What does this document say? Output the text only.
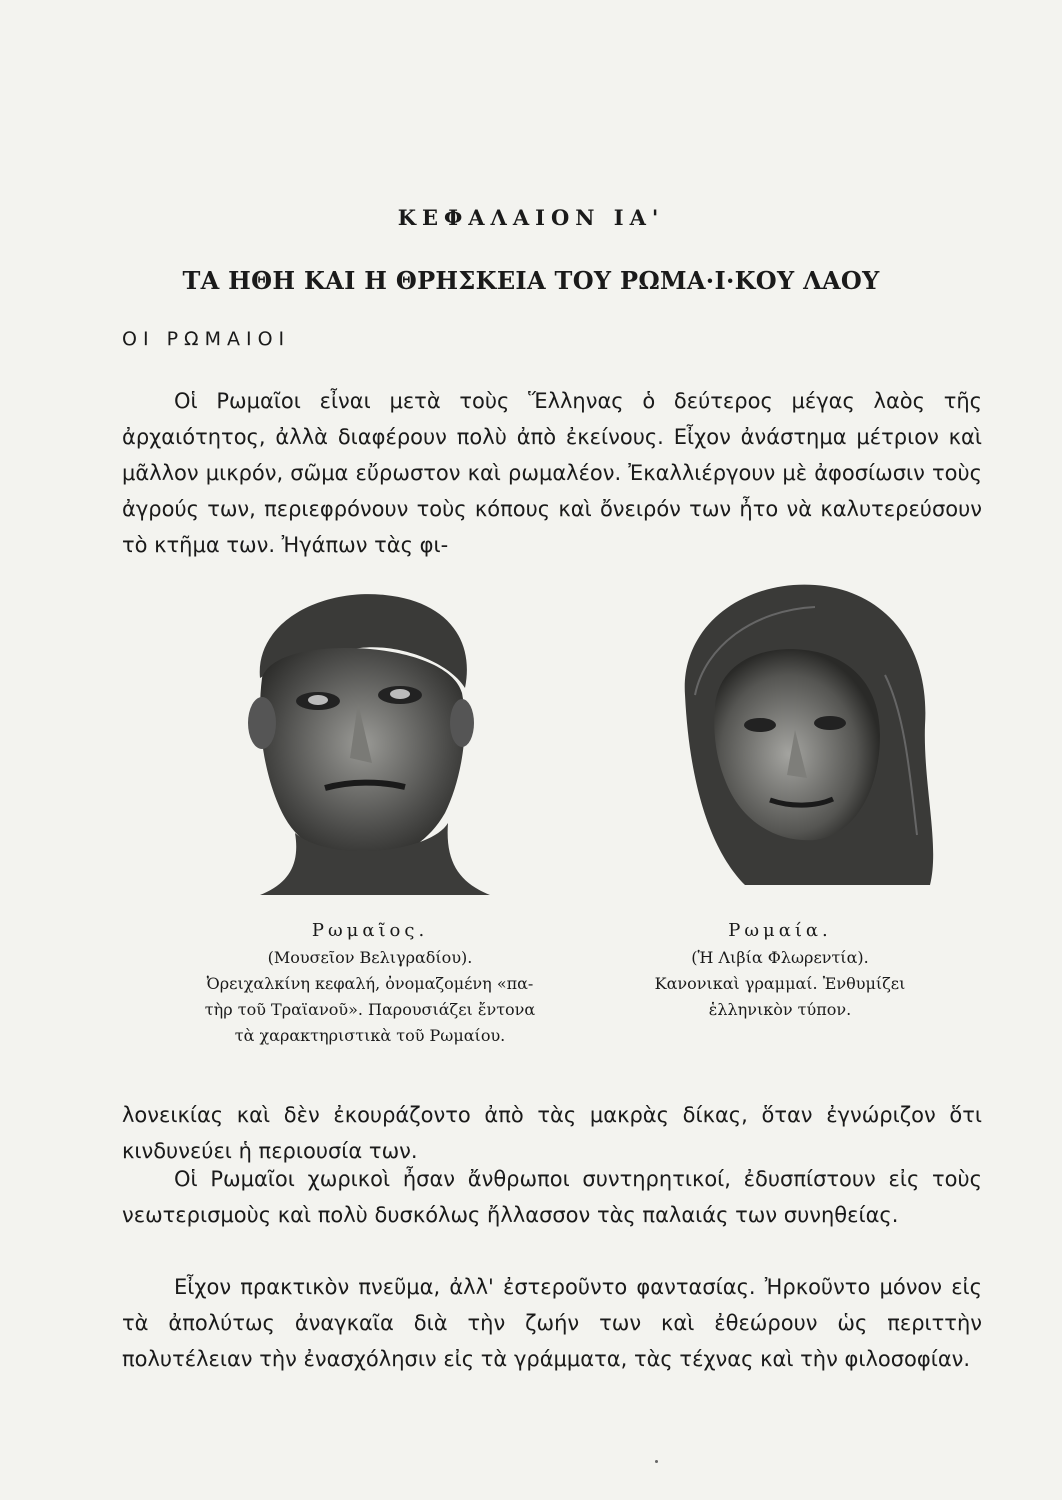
ΚΕΦΑΛΑΙΟΝ ΙΑ'
ΤΑ ΗΘΗ ΚΑΙ Η ΘΡΗΣΚΕΙΑ ΤΟΥ ΡΩΜΑ·Ι·ΚΟΥ ΛΑΟΥ
ΟΙ ΡΩΜΑΙΟΙ

Οἱ Ρωμαῖοι εἶναι μετὰ τοὺς Ἕλληνας ὁ δεύτερος μέγας λαὸς τῆς ἀρχαιότητος, ἀλλὰ διαφέρουν πολὺ ἀπὸ ἐκείνους. Εἶχον ἀνάστημα μέτριον καὶ μᾶλλον μικρόν, σῶμα εὔρωστον καὶ ρωμαλέον. Ἐκαλλιέργουν μὲ ἀφοσίωσιν τοὺς ἀγρούς των, περιεφρόνουν τοὺς κόπους καὶ ὄνειρόν των ἦτο νὰ καλυτερεύσουν τὸ κτῆμα των. Ἠγάπων τὰς φι-

Ρωμαῖος.
(Μουσεῖον Βελιγραδίου).
Ὀρειχαλκίνη κεφαλή, ὀνομαζομένη «πα-
τὴρ τοῦ Τραϊανοῦ». Παρουσιάζει ἔντονα
τὰ χαρακτηριστικὰ τοῦ Ρωμαίου.
Ρωμαία.
(Ἡ Λιβία Φλωρεντία).
Κανονικαὶ γραμμαί. Ἐνθυμίζει
ἑλληνικὸν τύπον.

λονεικίας καὶ δὲν ἐκουράζοντο ἀπὸ τὰς μακρὰς δίκας, ὅταν ἐγνώριζον ὅτι κινδυνεύει ἡ περιουσία των.

Οἱ Ρωμαῖοι χωρικοὶ ἦσαν ἄνθρωποι συντηρητικοί, ἐδυσπίστουν εἰς τοὺς νεωτερισμοὺς καὶ πολὺ δυσκόλως ἤλλασσον τὰς παλαιάς των συνηθείας.

Εἶχον πρακτικὸν πνεῦμα, ἀλλ' ἐστεροῦντο φαντασίας. Ἠρκοῦντο μόνον εἰς τὰ ἀπολύτως ἀναγκαῖα διὰ τὴν ζωήν των καὶ ἐθεώρουν ὡς περιττὴν πολυτέλειαν τὴν ἐνασχόλησιν εἰς τὰ γράμματα, τὰς τέχνας καὶ τὴν φιλοσοφίαν.
